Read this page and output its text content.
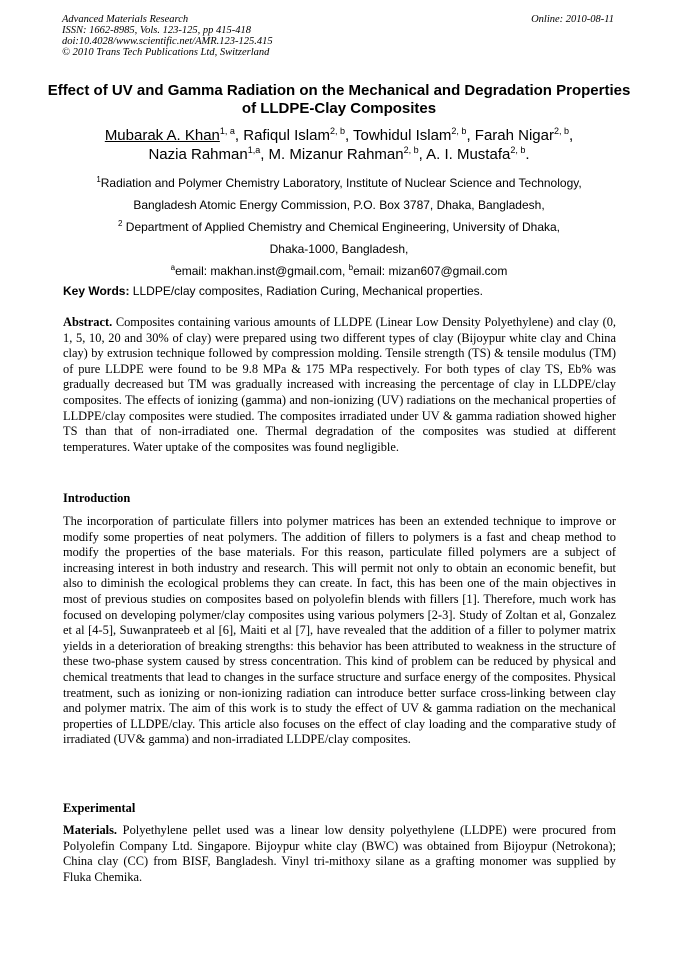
Advanced Materials Research
ISSN: 1662-8985, Vols. 123-125, pp 415-418
doi:10.4028/www.scientific.net/AMR.123-125.415
© 2010 Trans Tech Publications Ltd, Switzerland
Online: 2010-08-11
Effect of UV and Gamma Radiation on the Mechanical and Degradation Properties of LLDPE-Clay Composites
Mubarak A. Khan$^{1, a}$, Rafiqul Islam$^{2, b}$, Towhidul Islam$^{2, b}$, Farah Nigar$^{2, b}$,
Nazia Rahman$^{1,a}$, M. Mizanur Rahman$^{2, b}$, A. I. Mustafa$^{2, b}$.
$^1$Radiation and Polymer Chemistry Laboratory, Institute of Nuclear Science and Technology,
Bangladesh Atomic Energy Commission, P.O. Box 3787, Dhaka, Bangladesh,
$^2$ Department of Applied Chemistry and Chemical Engineering, University of Dhaka,
Dhaka-1000, Bangladesh,
$^a$email: makhan.inst@gmail.com, $^b$email: mizan607@gmail.com
Key Words: LLDPE/clay composites, Radiation Curing, Mechanical properties.
Abstract. Composites containing various amounts of LLDPE (Linear Low Density Polyethylene) and clay (0, 1, 5, 10, 20 and 30% of clay) were prepared using two different types of clay (Bijoypur white clay and China clay) by extrusion technique followed by compression molding. Tensile strength (TS) & tensile modulus (TM) of pure LLDPE were found to be 9.8 MPa & 175 MPa respectively. For both types of clay TS, Eb% was gradually decreased but TM was gradually increased with increasing the percentage of clay in LLDPE/clay composites. The effects of ionizing (gamma) and non-ionizing (UV) radiations on the mechanical properties of LLDPE/clay composites were studied. The composites irradiated under UV & gamma radiation showed higher TS than that of non-irradiated one. Thermal degradation of the composites was studied at different temperatures. Water uptake of the composites was found negligible.
Introduction
The incorporation of particulate fillers into polymer matrices has been an extended technique to improve or modify some properties of neat polymers. The addition of fillers to polymers is a fast and cheap method to modify the properties of the base materials. For this reason, particulate filled polymers are a subject of increasing interest in both industry and research. This will permit not only to obtain an economic benefit, but also to diminish the ecological problems they can create. In fact, this has been one of the main objectives in most of previous studies on composites based on polyolefin blends with fillers [1]. Therefore, much work has focused on developing polymer/clay composites using various polymers [2-3]. Study of Zoltan et al, Gonzalez et al [4-5], Suwanprateeb et al [6], Maiti et al [7], have revealed that the addition of a filler to polymer matrix yields in a deterioration of breaking strengths: this behavior has been attributed to weakness in the structure of these two-phase system caused by stress concentration. This kind of problem can be reduced by physical and chemical treatments that lead to changes in the surface structure and surface energy of the composites. Physical treatment, such as ionizing or non-ionizing radiation can introduce better surface cross-linking between clay and polymer matrix. The aim of this work is to study the effect of UV & gamma radiation on the mechanical properties of LLDPE/clay. This article also focuses on the effect of clay loading and the comparative study of irradiated (UV& gamma) and non-irradiated LLDPE/clay composites.
Experimental
Materials. Polyethylene pellet used was a linear low density polyethylene (LLDPE) were procured from Polyolefin Company Ltd. Singapore. Bijoypur white clay (BWC) was obtained from Bijoypur (Netrokona); China clay (CC) from BISF, Bangladesh. Vinyl tri-mithoxy silane as a grafting monomer was supplied by Fluka Chemika.
